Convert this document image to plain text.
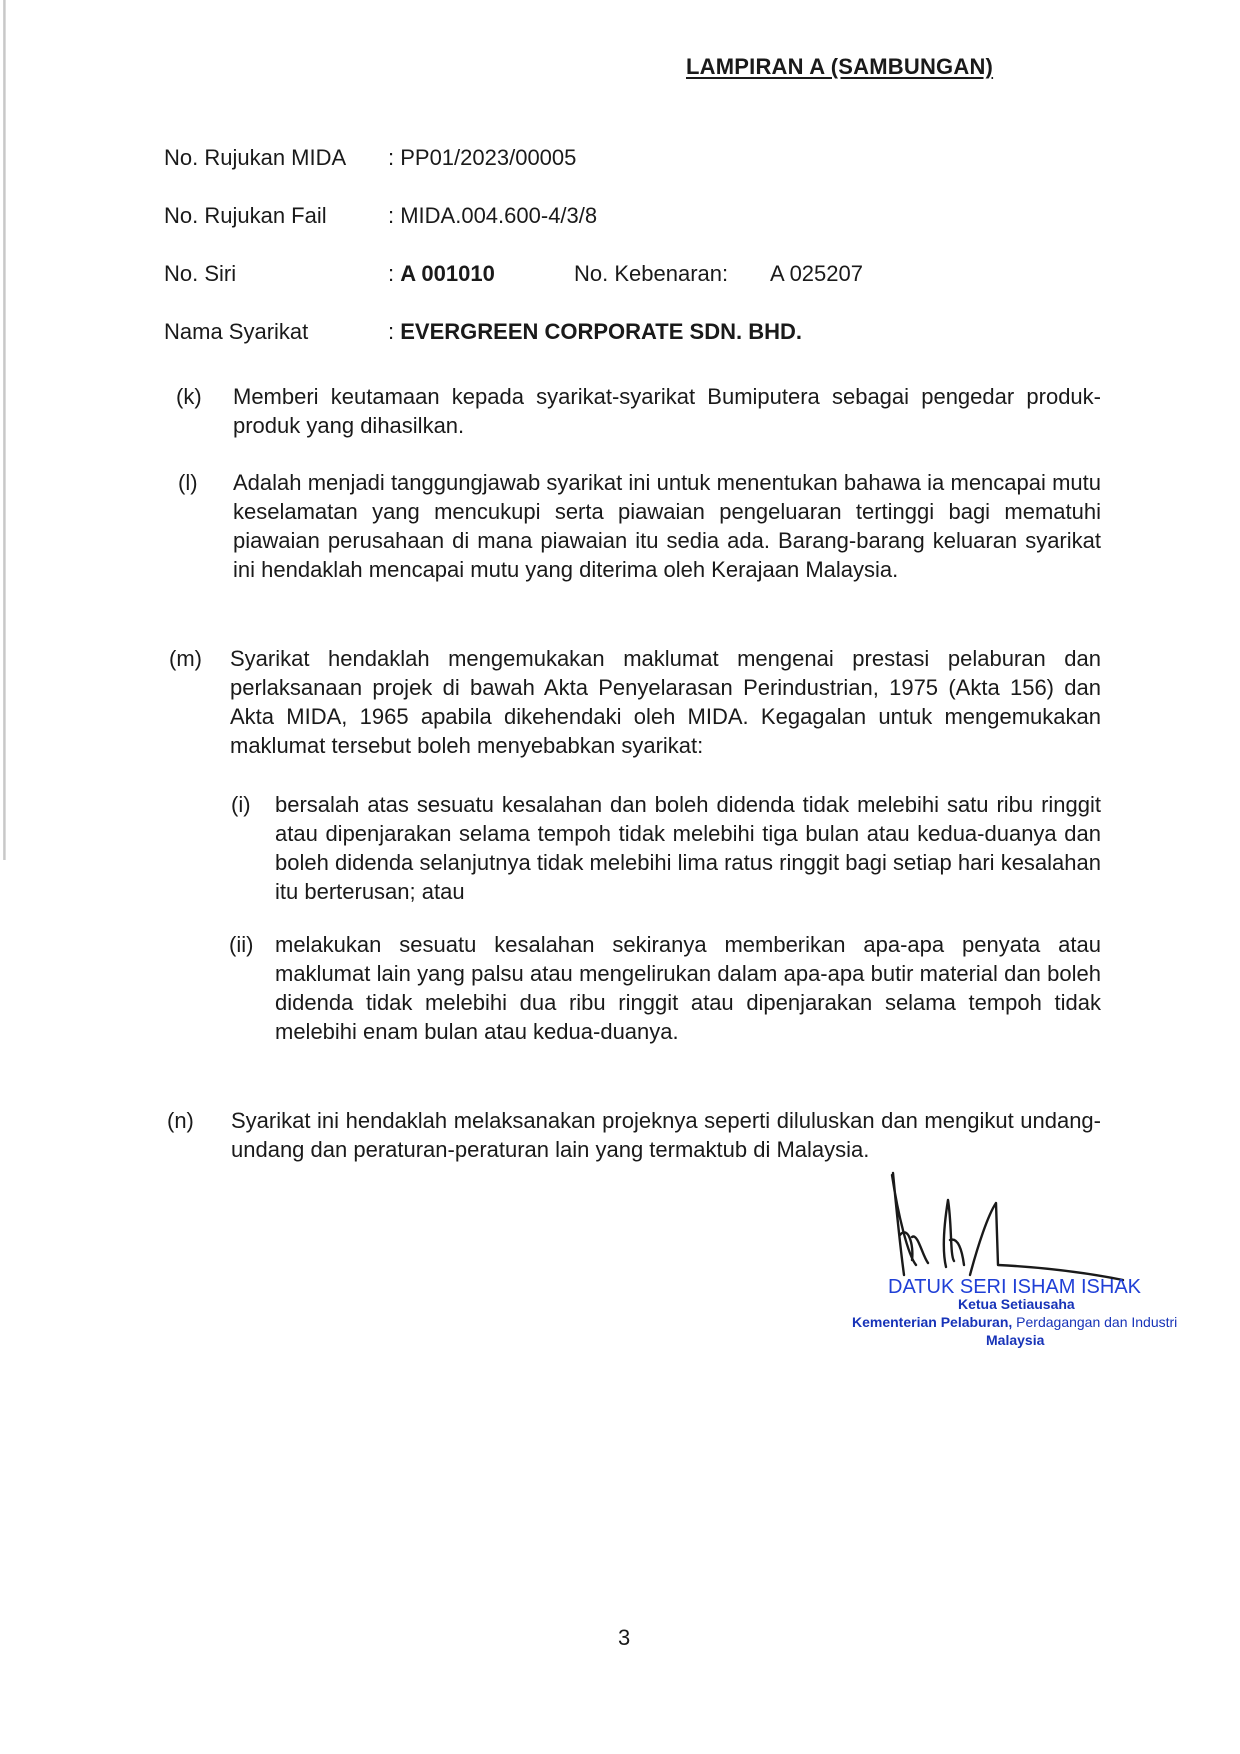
LAMPIRAN A (SAMBUNGAN)
No. Rujukan MIDA : PP01/2023/00005
No. Rujukan Fail	: MIDA.004.600-4/3/8
No. Siri	: A 001010	No. Kebenaran: A 025207
Nama Syarikat	: EVERGREEN CORPORATE SDN. BHD.
(k) Memberi keutamaan kepada syarikat-syarikat Bumiputera sebagai pengedar produk-produk yang dihasilkan.
(l) Adalah menjadi tanggungjawab syarikat ini untuk menentukan bahawa ia mencapai mutu keselamatan yang mencukupi serta piawaian pengeluaran tertinggi bagi mematuhi piawaian perusahaan di mana piawaian itu sedia ada. Barang-barang keluaran syarikat ini hendaklah mencapai mutu yang diterima oleh Kerajaan Malaysia.
(m) Syarikat hendaklah mengemukakan maklumat mengenai prestasi pelaburan dan perlaksanaan projek di bawah Akta Penyelarasan Perindustrian, 1975 (Akta 156) dan Akta MIDA, 1965 apabila dikehendaki oleh MIDA. Kegagalan untuk mengemukakan maklumat tersebut boleh menyebabkan syarikat:
(i) bersalah atas sesuatu kesalahan dan boleh didenda tidak melebihi satu ribu ringgit atau dipenjarakan selama tempoh tidak melebihi tiga bulan atau kedua-duanya dan boleh didenda selanjutnya tidak melebihi lima ratus ringgit bagi setiap hari kesalahan itu berterusan; atau
(ii) melakukan sesuatu kesalahan sekiranya memberikan apa-apa penyata atau maklumat lain yang palsu atau mengelirukan dalam apa-apa butir material dan boleh didenda tidak melebihi dua ribu ringgit atau dipenjarakan selama tempoh tidak melebihi enam bulan atau kedua-duanya.
(n) Syarikat ini hendaklah melaksanakan projeknya seperti diluluskan dan mengikut undang-undang dan peraturan-peraturan lain yang termaktub di Malaysia.
DATUK SERI ISHAM ISHAK
Ketua Setiausaha
Kementerian Pelaburan, Perdagangan dan Industri
Malaysia
3
